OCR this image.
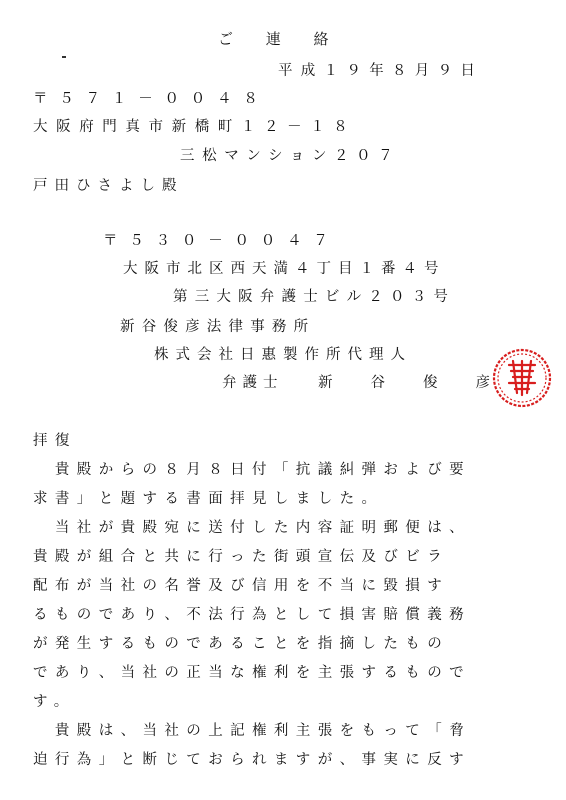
ご 連 絡
平成１９年８月９日
〒５７１－００４８
大阪府門真市新橋町１２－１８
三松マンション２０７
戸田ひさよし殿
〒５３０－００４７
大阪市北区西天満４丁目１番４号
第三大阪弁護士ビル２０３号
新谷俊彦法律事務所
株式会社日惠製作所代理人
弁護士 新谷俊彦
拝復
　貴殿からの８月８日付「抗議糾弾および要
求書」と題する書面拝見しました。
　当社が貴殿宛に送付した内容証明郵便は、
貴殿が組合と共に行った街頭宣伝及びビラ
配布が当社の名誉及び信用を不当に毀損す
るものであり、不法行為として損害賠償義務
が発生するものであることを指摘したもの
であり、当社の正当な権利を主張するもので
す。
　貴殿は、当社の上記権利主張をもって「脅
迫行為」と断じておられますが、事実に反す
